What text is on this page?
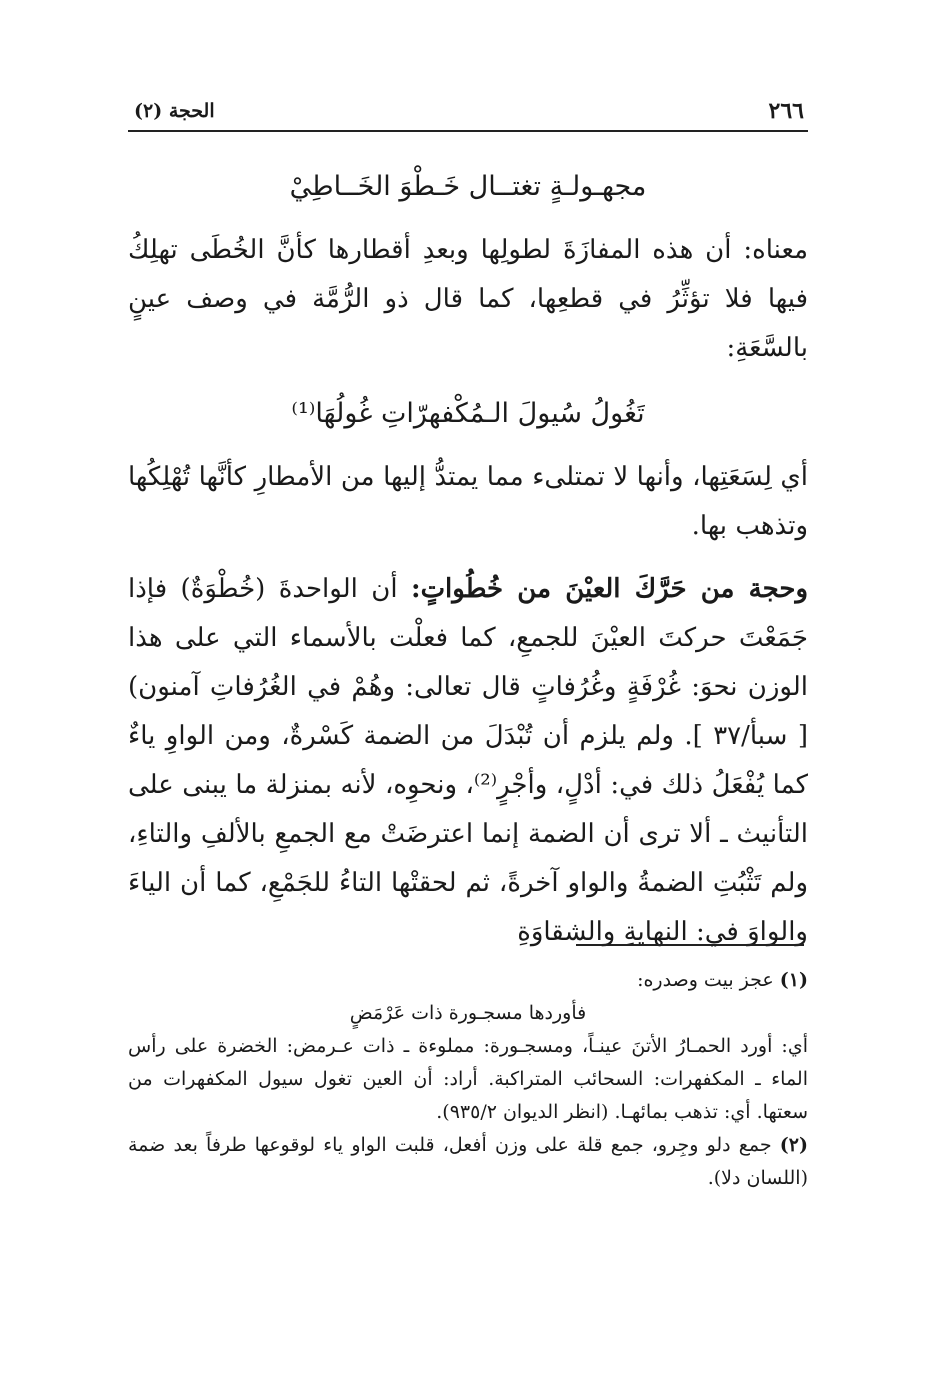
٢٦٦
الحجة (٢)

مجهـولـةٍ تغتــال خَـطْوَ الخَــاطِيْ

معناه: أن هذه المفازَةَ لطولِها وبعدِ أقطارها كأنَّ الخُطَى تهلِكُ فيها فلا تؤثِّرُ في قطعِها، كما قال ذو الرُّمَّة في وصف عينٍ بالسَّعَةِ:

تَغُولُ سُيولَ الـمُكْفهرّاتِ غُولُهَا⁽¹⁾

أي لِسَعَتِها، وأنها لا تمتلىء مما يمتدُّ إليها من الأمطارِ كأنَّها تُهْلِكُها وتذهب بها.

وحجة من حَرَّكَ العيْنَ من خُطُواتٍ: أن الواحدةَ (خُطْوَةٌ) فإذا جَمَعْتَ حركتَ العيْنَ للجمعِ، كما فعلْت بالأسماء التي على هذا الوزن نحوَ: غُرْفَةٍ وغُرُفاتٍ قال تعالى: وهُمْ في الغُرُفاتِ آمنون) [ سبأ/٣٧ ]. ولم يلزم أن تُبْدَلَ من الضمة كَسْرةٌ، ومن الواوِ ياءٌ كما يُفْعَلُ ذلك في: أدْلٍ، وأجْرٍ⁽²⁾، ونحوِه، لأنه بمنزلة ما يبنى على التأنيث ـ ألا ترى أن الضمة إنما اعترضَتْ مع الجمعِ بالألفِ والتاءِ، ولم تَثْبُتِ الضمةُ والواو آخرةً، ثم لحقتْها التاءُ للجَمْعِ، كما أن الياءَ والواوَ في: النهايةِ والشقاوَةِ

(١) عجز بيت وصدره:

فأوردها مسجـورة ذات عَرْمَضٍ

أي: أورد الحمـارُ الأتنَ عينـاً، ومسجـورة: مملوءة ـ ذات عـرمض: الخضرة على رأس الماء ـ المكفهرات: السحائب المتراكبة. أراد: أن العين تغول سيول المكفهرات من سعتها. أي: تذهب بمائهـا. (انظر الديوان ٩٣٥/٢).

(٢) جمع دلو وجِرو، جمع قلة على وزن أفعل، قلبت الواو ياء لوقوعها طرفاً بعد ضمة (اللسان دلا).
